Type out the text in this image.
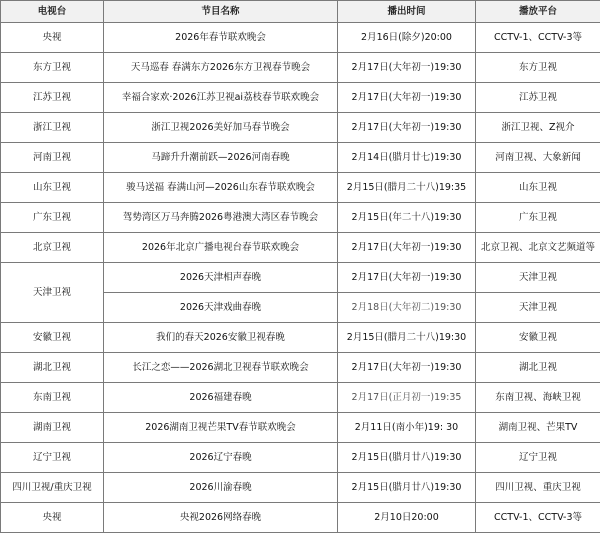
电视台	节目名称	播出时间	播放平台
央视	2026年春节联欢晚会	2月16日(除夕)20:00	CCTV-1、CCTV-3等
东方卫视	天马巡春 春满东方2026东方卫视春节晚会	2月17日(大年初一)19:30	东方卫视
江苏卫视	幸福合家欢·2026江苏卫视ai荔枝春节联欢晚会	2月17日(大年初一)19:30	江苏卫视
浙江卫视	浙江卫视2026美好加马春节晚会	2月17日(大年初一)19:30	浙江卫视、Z视介
河南卫视	马蹄升升潮前跃—2026河南春晚	2月14日(腊月廿七)19:30	河南卫视、大象新闻
山东卫视	骏马送福 春满山河—2026山东春节联欢晚会	2月15日(腊月二十八)19:35	山东卫视
广东卫视	驾势湾区万马奔腾2026粤港澳大湾区春节晚会	2月15日(年二十八)19:30	广东卫视
北京卫视	2026年北京广播电视台春节联欢晚会	2月17日(大年初一)19:30	北京卫视、北京文艺频道等
天津卫视	2026天津相声春晚	2月17日(大年初一)19:30	天津卫视
	2026天津戏曲春晚	2月18日(大年初二)19:30	天津卫视
安徽卫视	我们的春天2026安徽卫视春晚	2月15日(腊月二十八)19:30	安徽卫视
湖北卫视	长江之恋——2026湖北卫视春节联欢晚会	2月17日(大年初一)19:30	湖北卫视
东南卫视	2026福建春晚	2月17日(正月初一)19:35	东南卫视、海峡卫视
湖南卫视	2026湖南卫视芒果TV春节联欢晚会	2月11日(南小年)19: 30	湖南卫视、芒果TV
辽宁卫视	2026辽宁春晚	2月15日(腊月廿八)19:30	辽宁卫视
四川卫视/重庆卫视	2026川渝春晚	2月15日(腊月廿八)19:30	四川卫视、重庆卫视
央视	央视2026网络春晚	2月10日20:00	CCTV-1、CCTV-3等
